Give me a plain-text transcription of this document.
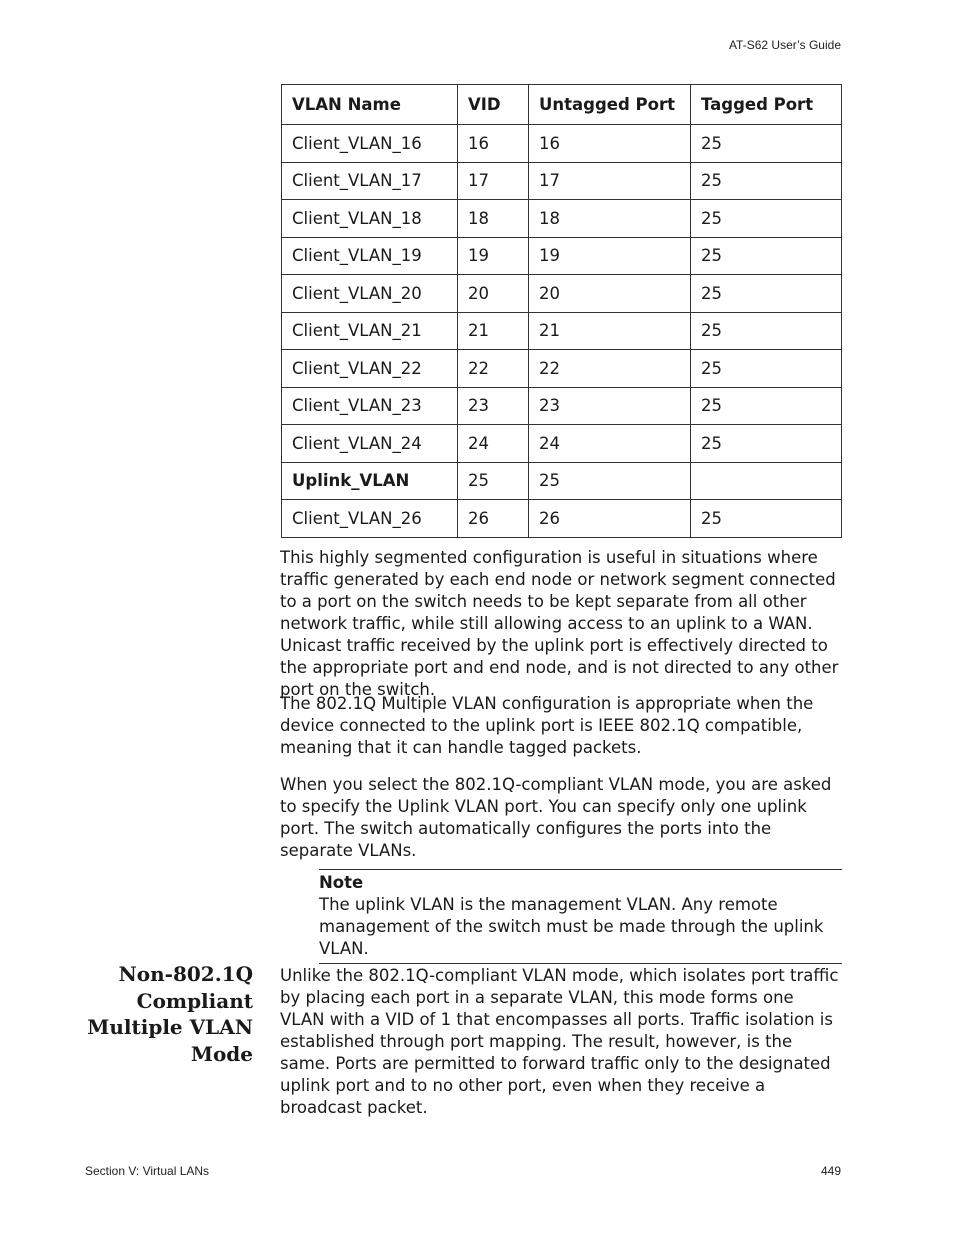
AT-S62 User’s Guide
VLAN Name	VID	Untagged Port	Tagged Port
Client_VLAN_16	16	16	25
Client_VLAN_17	17	17	25
Client_VLAN_18	18	18	25
Client_VLAN_19	19	19	25
Client_VLAN_20	20	20	25
Client_VLAN_21	21	21	25
Client_VLAN_22	22	22	25
Client_VLAN_23	23	23	25
Client_VLAN_24	24	24	25
Uplink_VLAN	25	25	
Client_VLAN_26	26	26	25

This highly segmented configuration is useful in situations where traffic generated by each end node or network segment connected to a port on the switch needs to be kept separate from all other network traffic, while still allowing access to an uplink to a WAN. Unicast traffic received by the uplink port is effectively directed to the appropriate port and end node, and is not directed to any other port on the switch.

The 802.1Q Multiple VLAN configuration is appropriate when the device connected to the uplink port is IEEE 802.1Q compatible, meaning that it can handle tagged packets.

When you select the 802.1Q-compliant VLAN mode, you are asked to specify the Uplink VLAN port. You can specify only one uplink port. The switch automatically configures the ports into the separate VLANs.

Note
The uplink VLAN is the management VLAN. Any remote management of the switch must be made through the uplink VLAN.
Non-802.1Q
Compliant
Multiple VLAN
Mode

Unlike the 802.1Q-compliant VLAN mode, which isolates port traffic by placing each port in a separate VLAN, this mode forms one VLAN with a VID of 1 that encompasses all ports. Traffic isolation is established through port mapping. The result, however, is the same. Ports are permitted to forward traffic only to the designated uplink port and to no other port, even when they receive a broadcast packet.

Section V: Virtual LANs	449
